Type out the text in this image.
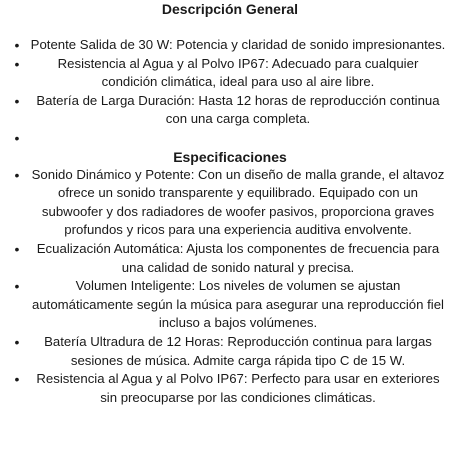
Descripción General
• Potente Salida de 30 W: Potencia y claridad de sonido impresionantes.
•	Resistencia al Agua y al Polvo IP67: Adecuado para cualquier condición climática, ideal para uso al aire libre.
• Batería de Larga Duración: Hasta 12 horas de reproducción continua con una carga completa.
•
Especificaciones
• Sonido Dinámico y Potente: Con un diseño de malla grande, el altavoz ofrece un sonido transparente y equilibrado. Equipado con un subwoofer y dos radiadores de woofer pasivos, proporciona graves profundos y ricos para una experiencia auditiva envolvente.
• Ecualización Automática: Ajusta los componentes de frecuencia para una calidad de sonido natural y precisa.
•	Volumen Inteligente: Los niveles de volumen se ajustan automáticamente según la música para asegurar una reproducción fiel incluso a bajos volúmenes.
• Batería Ultradura de 12 Horas: Reproducción continua para largas sesiones de música. Admite carga rápida tipo C de 15 W.
• Resistencia al Agua y al Polvo IP67: Perfecto para usar en exteriores sin preocuparse por las condiciones climáticas.
